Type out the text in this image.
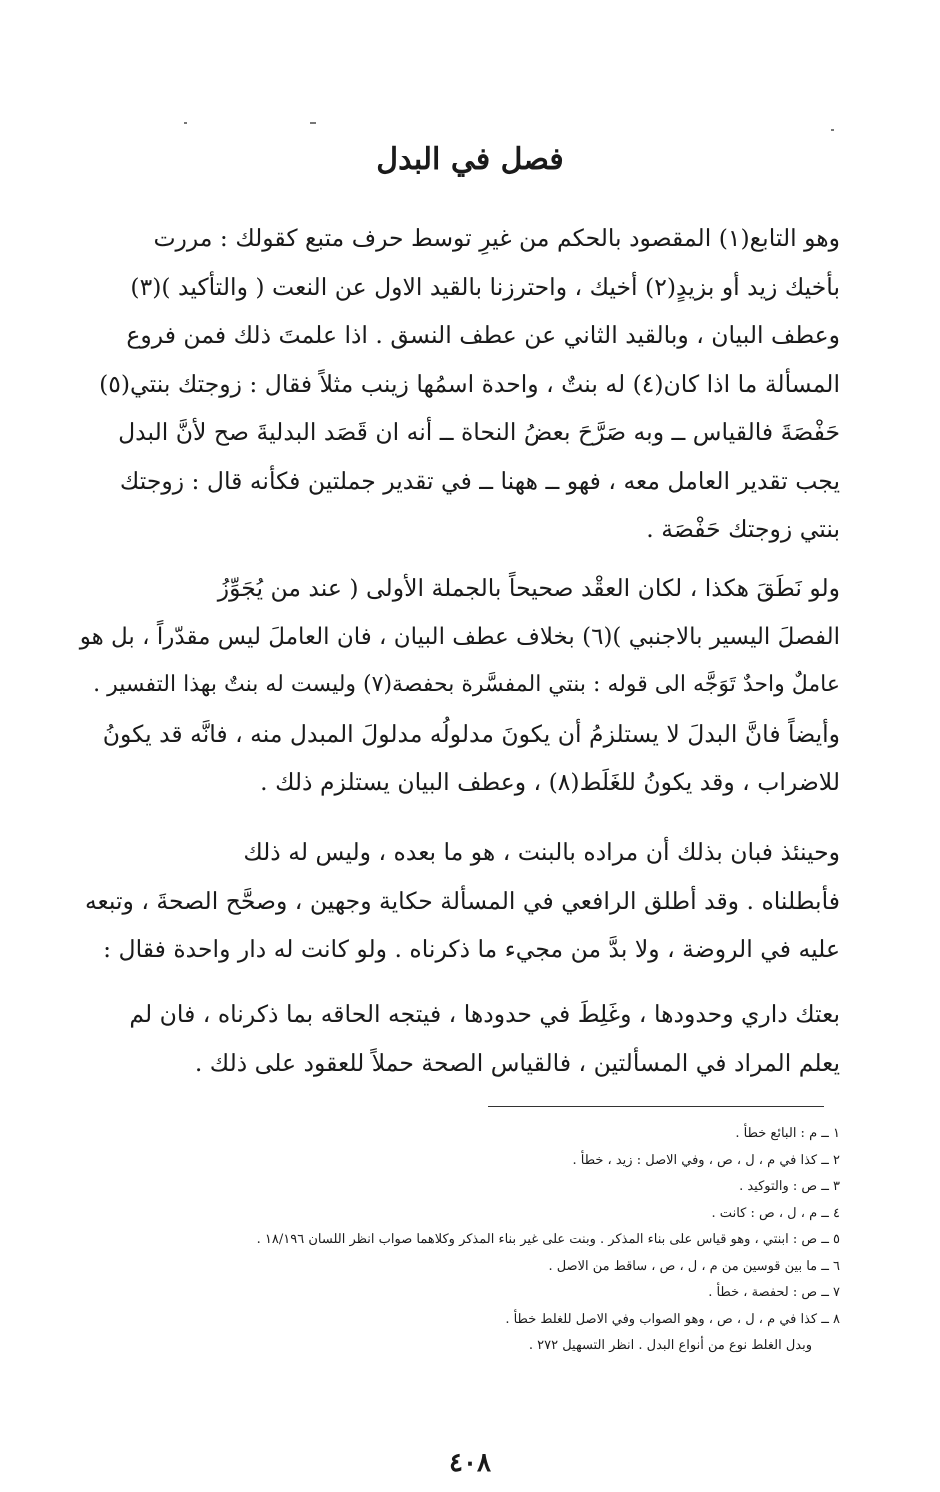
فصل في البدل
وهو التابع(١) المقصود بالحكم من غيرِ توسط حرف متبع كقولك : مررت
بأخيك زيد أو بزيدٍ(٢) أخيك ، واحترزنا بالقيد الاول عن النعت ( والتأكيد )(٣)
وعطف البيان ، وبالقيد الثاني عن عطف النسق . اذا علمتَ ذلك فمن فروع
المسألة ما اذا كان(٤) له بنتٌ ، واحدة اسمُها زينب مثلاً فقال : زوجتك بنتي(٥)
حَفْصَةَ فالقياس ــ وبه صَرَّحَ بعضُ النحاة ــ أنه ان قَصَد البدليةَ صح لأنَّ البدل
يجب تقدير العامل معه ، فهو ــ ههنا ــ في تقدير جملتين فكأنه قال : زوجتك
بنتي زوجتك حَفْصَة .
ولو نَطَقَ هكذا ، لكان العقْد صحيحاً بالجملة الأولى ( عند من يُجَوِّزُ
الفصلَ اليسير بالاجنبي )(٦) بخلاف عطف البيان ، فان العاملَ ليس مقدّراً ، بل هو
عاملٌ واحدٌ تَوَجَّه الى قوله : بنتي المفسَّرة بحفصة(٧) وليست له بنتٌ بهذا التفسير .
وأيضاً فانَّ البدلَ لا يستلزمُ أن يكونَ مدلولُه مدلولَ المبدل منه ، فانَّه قد يكونُ
للاضراب ، وقد يكونُ للغَلَط(٨) ، وعطف البيان يستلزم ذلك .
وحينئذ فبان بذلك أن مراده بالبنت ، هو ما بعده ، وليس له ذلك
فأبطلناه . وقد أطلق الرافعي في المسألة حكاية وجهين ، وصحَّح الصحةَ ، وتبعه
عليه في الروضة ، ولا بدَّ من مجيء ما ذكرناه . ولو كانت له دار واحدة فقال :
بعتك داري وحدودها ، وغَلِطَ في حدودها ، فيتجه الحاقه بما ذكرناه ، فان لم
يعلم المراد في المسألتين ، فالقياس الصحة حملاً للعقود على ذلك .
١ ــ م : البائع خطأ .
٢ ــ كذا في م ، ل ، ص ، وفي الاصل : زيد ، خطأ .
٣ ــ ص : والتوكيد .
٤ ــ م ، ل ، ص : كانت .
٥ ــ ص : ابنتي ، وهو قياس على بناء المذكر . وبنت على غير بناء المذكر وكلاهما صواب انظر اللسان ١٨/١٩٦ .
٦ ــ ما بين قوسين من م ، ل ، ص ، ساقط من الاصل .
٧ ــ ص : لحفصة ، خطأ .
٨ ــ كذا في م ، ل ، ص ، وهو الصواب وفي الاصل للغلط خطأ .
وبدل الغلط نوع من أنواع البدل . انظر التسهيل ٢٧٢ .
٤٠٨
